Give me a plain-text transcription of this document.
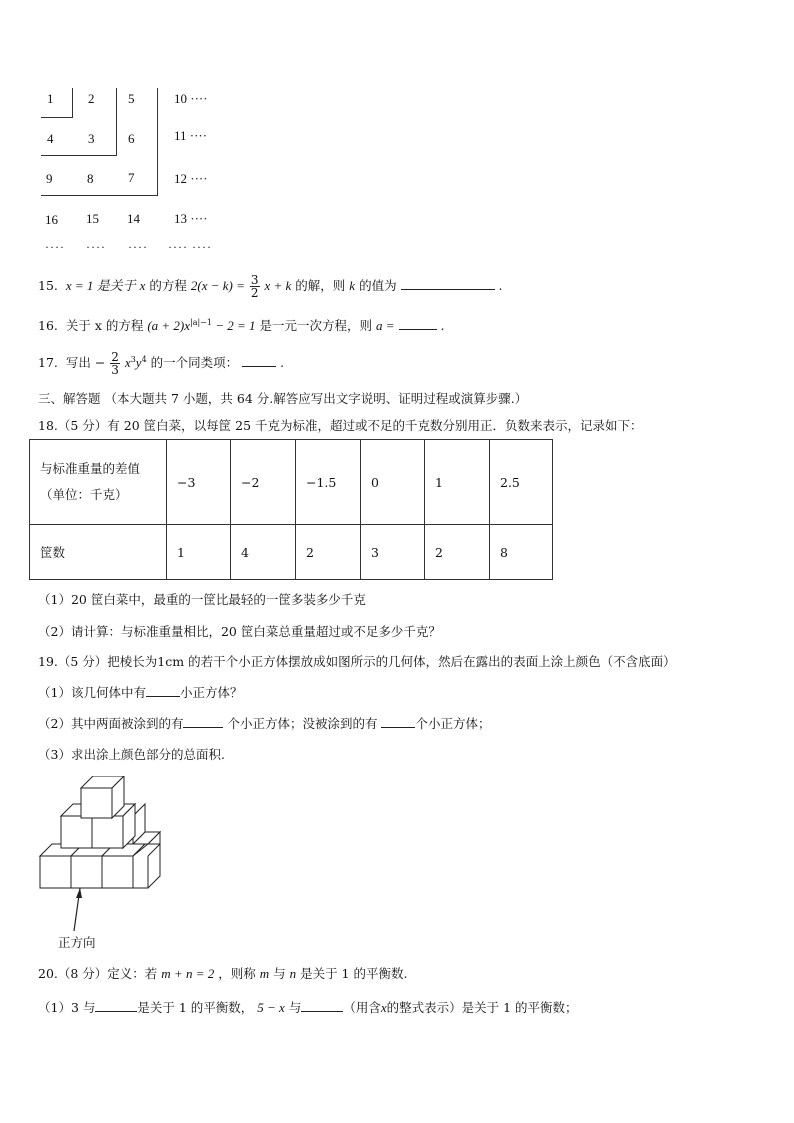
1	2	5	10 ····
4	3	6	11 ····
9	8	7	12 ····
16 15 14	13 ····
···· ···· ···· ···· ····
15. x = 1 是关于 x 的方程 $2(x - k) = \frac{3}{2}$ x + k 的解，则 k 的值为	.
16. 关于 x 的方程 $(a + 2)x^{|a|-1} - 2 = 1$ 是一元一次方程，则 a =	.
17. 写出 − $\frac{2}{3} x^3y^4$ 的一个同类项：	.
三、解答题 （本大题共 7 小题，共 64 分.解答应写出文字说明、证明过程或演算步骤.）
18.（5 分）有 20 筐白菜，以每筐 25 千克为标准，超过或不足的千克数分别用正．负数来表示，记录如下：
与标准重量的差值
（单位：千克）	−3	−2	−1.5	0	1	2.5
筐数	1	4	2	3	2	8
（1）20 筐白菜中，最重的一筐比最轻的一筐多装多少千克
（2）请计算：与标准重量相比，20 筐白菜总重量超过或不足多少千克？
19.（5 分）把棱长为1cm 的若干个小正方体摆放成如图所示的几何体，然后在露出的表面上涂上颜色（不含底面）
（1）该几何体中有	小正方体？
（2）其中两面被涂到的有	个小正方体；没被涂到的有	个小正方体；
（3）求出涂上颜色部分的总面积.
正方向
20.（8 分）定义：若 m + n = 2 ，则称 m 与 n 是关于 1 的平衡数.
（1）3 与	是关于 1 的平衡数， 5 − x 与	（用含x的整式表示）是关于 1 的平衡数；
